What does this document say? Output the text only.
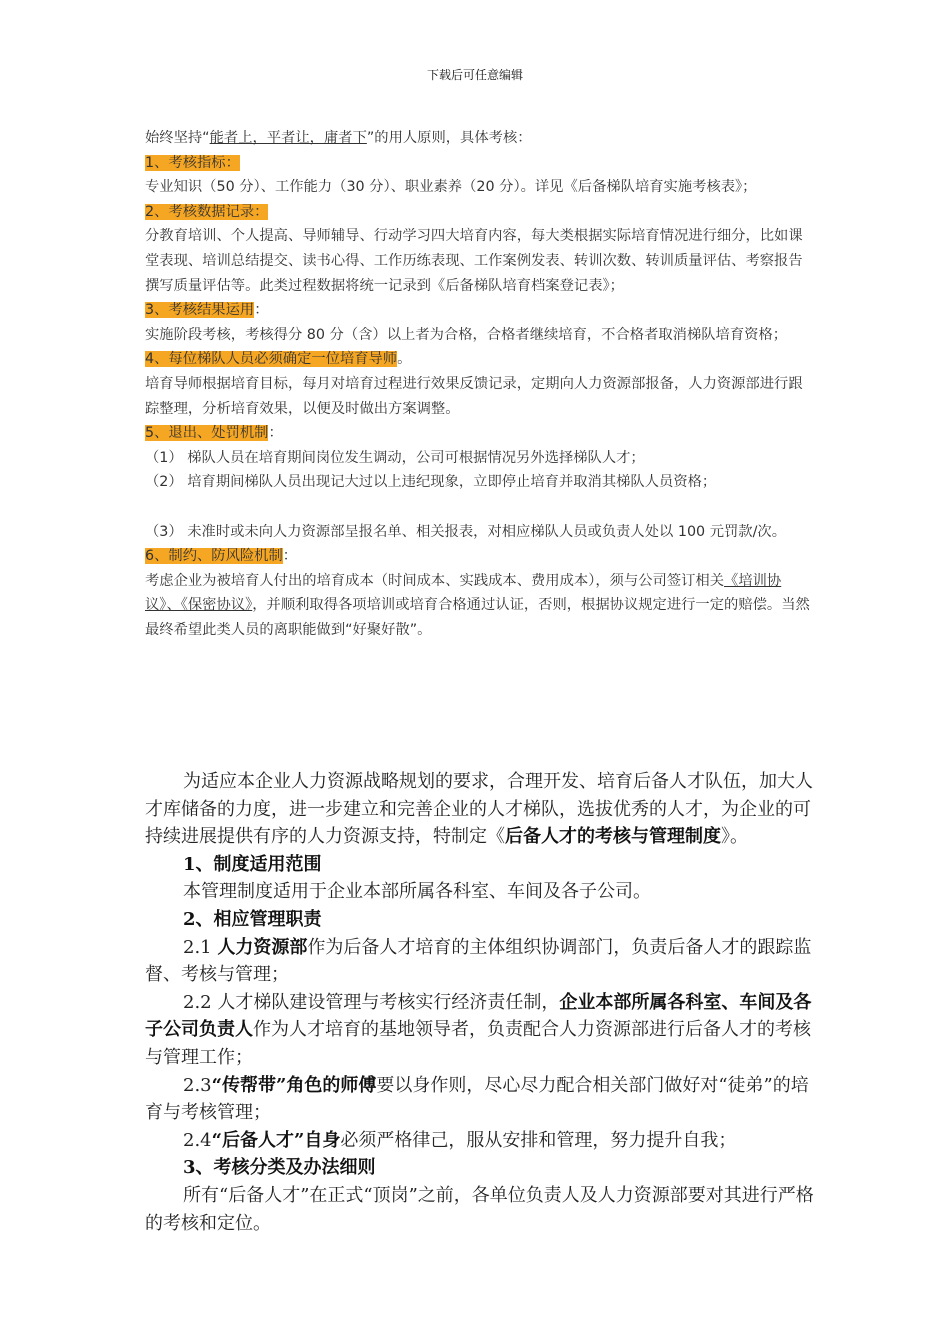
下载后可任意编辑

始终坚持“能者上，平者让，庸者下”的用人原则，具体考核：

1、考核指标：

专业知识（50 分）、工作能力（30 分）、职业素养（20 分）。详见《后备梯队培育实施考核表》；

2、考核数据记录：

分教育培训、个人提高、导师辅导、行动学习四大培育内容，每大类根据实际培育情况进行细分，比如课堂表现、培训总结提交、读书心得、工作历练表现、工作案例发表、转训次数、转训质量评估、考察报告撰写质量评估等。此类过程数据将统一记录到《后备梯队培育档案登记表》；

3、考核结果运用：

实施阶段考核，考核得分 80 分（含）以上者为合格，合格者继续培育，不合格者取消梯队培育资格；

4、每位梯队人员必须确定一位培育导师。

培育导师根据培育目标，每月对培育过程进行效果反馈记录，定期向人力资源部报备，人力资源部进行跟踪整理，分析培育效果，以便及时做出方案调整。

5、退出、处罚机制：

（1） 梯队人员在培育期间岗位发生调动，公司可根据情况另外选择梯队人才；

（2） 培育期间梯队人员出现记大过以上违纪现象，立即停止培育并取消其梯队人员资格；

（3） 未准时或未向人力资源部呈报名单、相关报表，对相应梯队人员或负责人处以 100 元罚款/次。

6、制约、防风险机制：

考虑企业为被培育人付出的培育成本（时间成本、实践成本、费用成本），须与公司签订相关《培训协议》、《保密协议》，并顺利取得各项培训或培育合格通过认证，否则，根据协议规定进行一定的赔偿。当然最终希望此类人员的离职能做到“好聚好散”。

为适应本企业人力资源战略规划的要求，合理开发、培育后备人才队伍，加大人才库储备的力度，进一步建立和完善企业的人才梯队，选拔优秀的人才，为企业的可持续进展提供有序的人力资源支持，特制定《后备人才的考核与管理制度》。

1、制度适用范围

本管理制度适用于企业本部所属各科室、车间及各子公司。

2、相应管理职责

2.1 人力资源部作为后备人才培育的主体组织协调部门，负责后备人才的跟踪监督、考核与管理；

2.2 人才梯队建设管理与考核实行经济责任制，企业本部所属各科室、车间及各子公司负责人作为人才培育的基地领导者，负责配合人力资源部进行后备人才的考核与管理工作；

2.3“传帮带”角色的师傅要以身作则，尽心尽力配合相关部门做好对“徒弟”的培育与考核管理；

2.4“后备人才”自身必须严格律己，服从安排和管理，努力提升自我；

3、考核分类及办法细则

所有“后备人才”在正式“顶岗”之前，各单位负责人及人力资源部要对其进行严格的考核和定位。
